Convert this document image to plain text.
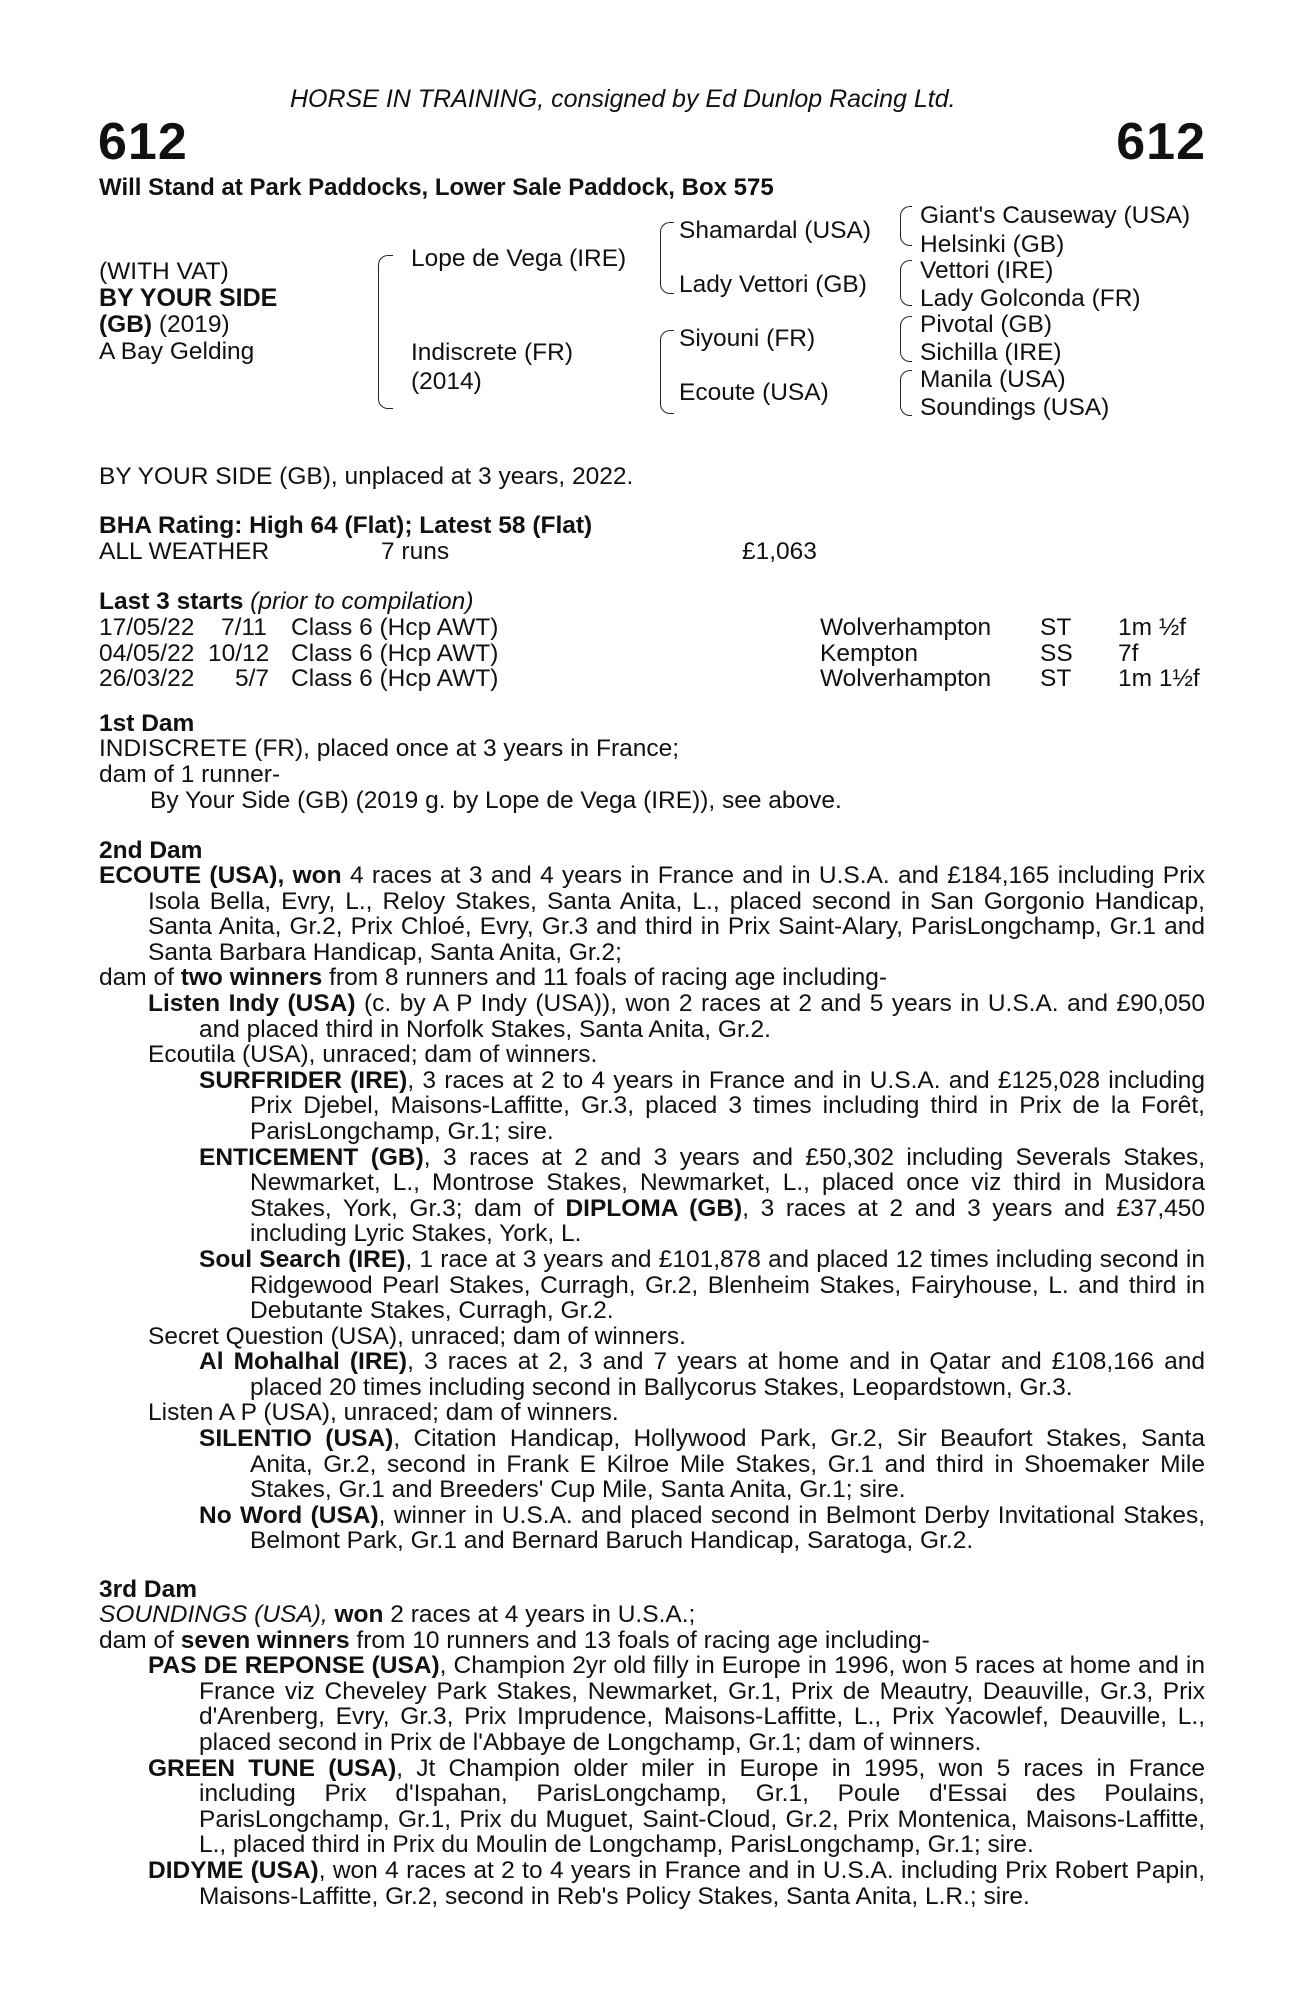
HORSE IN TRAINING, consigned by Ed Dunlop Racing Ltd.
612	612
Will Stand at Park Paddocks, Lower Sale Paddock, Box 575
(WITH VAT)
BY YOUR SIDE
(GB) (2019)
A Bay Gelding
Lope de Vega (IRE)
Indiscrete (FR)
(2014)
Shamardal (USA)
Lady Vettori (GB)
Siyouni (FR)
Ecoute (USA)
Giant's Causeway (USA)
Helsinki (GB)
Vettori (IRE)
Lady Golconda (FR)
Pivotal (GB)
Sichilla (IRE)
Manila (USA)
Soundings (USA)
BY YOUR SIDE (GB), unplaced at 3 years, 2022.
BHA Rating: High 64 (Flat); Latest 58 (Flat)
ALL WEATHER	7 runs	£1,063
Last 3 starts (prior to compilation)
17/05/22 7/11 Class 6 (Hcp AWT)	Wolverhampton ST 1m ½f
04/05/22 10/12 Class 6 (Hcp AWT)	Kempton	SS 7f
26/03/22 5/7 Class 6 (Hcp AWT)	Wolverhampton ST 1m 1½f
1st Dam
INDISCRETE (FR), placed once at 3 years in France;
dam of 1 runner-
By Your Side (GB) (2019 g. by Lope de Vega (IRE)), see above.
2nd Dam
ECOUTE (USA), won 4 races at 3 and 4 years in France and in U.S.A. and £184,165 including Prix Isola Bella, Evry, L., Reloy Stakes, Santa Anita, L., placed second in San Gorgonio Handicap, Santa Anita, Gr.2, Prix Chloé, Evry, Gr.3 and third in Prix Saint-Alary, ParisLongchamp, Gr.1 and Santa Barbara Handicap, Santa Anita, Gr.2;
dam of two winners from 8 runners and 11 foals of racing age including-
Listen Indy (USA) (c. by A P Indy (USA)), won 2 races at 2 and 5 years in U.S.A. and £90,050 and placed third in Norfolk Stakes, Santa Anita, Gr.2.
Ecoutila (USA), unraced; dam of winners.
SURFRIDER (IRE), 3 races at 2 to 4 years in France and in U.S.A. and £125,028 including Prix Djebel, Maisons-Laffitte, Gr.3, placed 3 times including third in Prix de la Forêt, ParisLongchamp, Gr.1; sire.
ENTICEMENT (GB), 3 races at 2 and 3 years and £50,302 including Severals Stakes, Newmarket, L., Montrose Stakes, Newmarket, L., placed once viz third in Musidora Stakes, York, Gr.3; dam of DIPLOMA (GB), 3 races at 2 and 3 years and £37,450 including Lyric Stakes, York, L.
Soul Search (IRE), 1 race at 3 years and £101,878 and placed 12 times including second in Ridgewood Pearl Stakes, Curragh, Gr.2, Blenheim Stakes, Fairyhouse, L. and third in Debutante Stakes, Curragh, Gr.2.
Secret Question (USA), unraced; dam of winners.
Al Mohalhal (IRE), 3 races at 2, 3 and 7 years at home and in Qatar and £108,166 and placed 20 times including second in Ballycorus Stakes, Leopardstown, Gr.3.
Listen A P (USA), unraced; dam of winners.
SILENTIO (USA), Citation Handicap, Hollywood Park, Gr.2, Sir Beaufort Stakes, Santa Anita, Gr.2, second in Frank E Kilroe Mile Stakes, Gr.1 and third in Shoemaker Mile Stakes, Gr.1 and Breeders' Cup Mile, Santa Anita, Gr.1; sire.
No Word (USA), winner in U.S.A. and placed second in Belmont Derby Invitational Stakes, Belmont Park, Gr.1 and Bernard Baruch Handicap, Saratoga, Gr.2.
3rd Dam
SOUNDINGS (USA), won 2 races at 4 years in U.S.A.;
dam of seven winners from 10 runners and 13 foals of racing age including-
PAS DE REPONSE (USA), Champion 2yr old filly in Europe in 1996, won 5 races at home and in France viz Cheveley Park Stakes, Newmarket, Gr.1, Prix de Meautry, Deauville, Gr.3, Prix d'Arenberg, Evry, Gr.3, Prix Imprudence, Maisons-Laffitte, L., Prix Yacowlef, Deauville, L., placed second in Prix de l'Abbaye de Longchamp, Gr.1; dam of winners.
GREEN TUNE (USA), Jt Champion older miler in Europe in 1995, won 5 races in France including Prix d'Ispahan, ParisLongchamp, Gr.1, Poule d'Essai des Poulains, ParisLongchamp, Gr.1, Prix du Muguet, Saint-Cloud, Gr.2, Prix Montenica, Maisons-Laffitte, L., placed third in Prix du Moulin de Longchamp, ParisLongchamp, Gr.1; sire.
DIDYME (USA), won 4 races at 2 to 4 years in France and in U.S.A. including Prix Robert Papin, Maisons-Laffitte, Gr.2, second in Reb's Policy Stakes, Santa Anita, L.R.; sire.
